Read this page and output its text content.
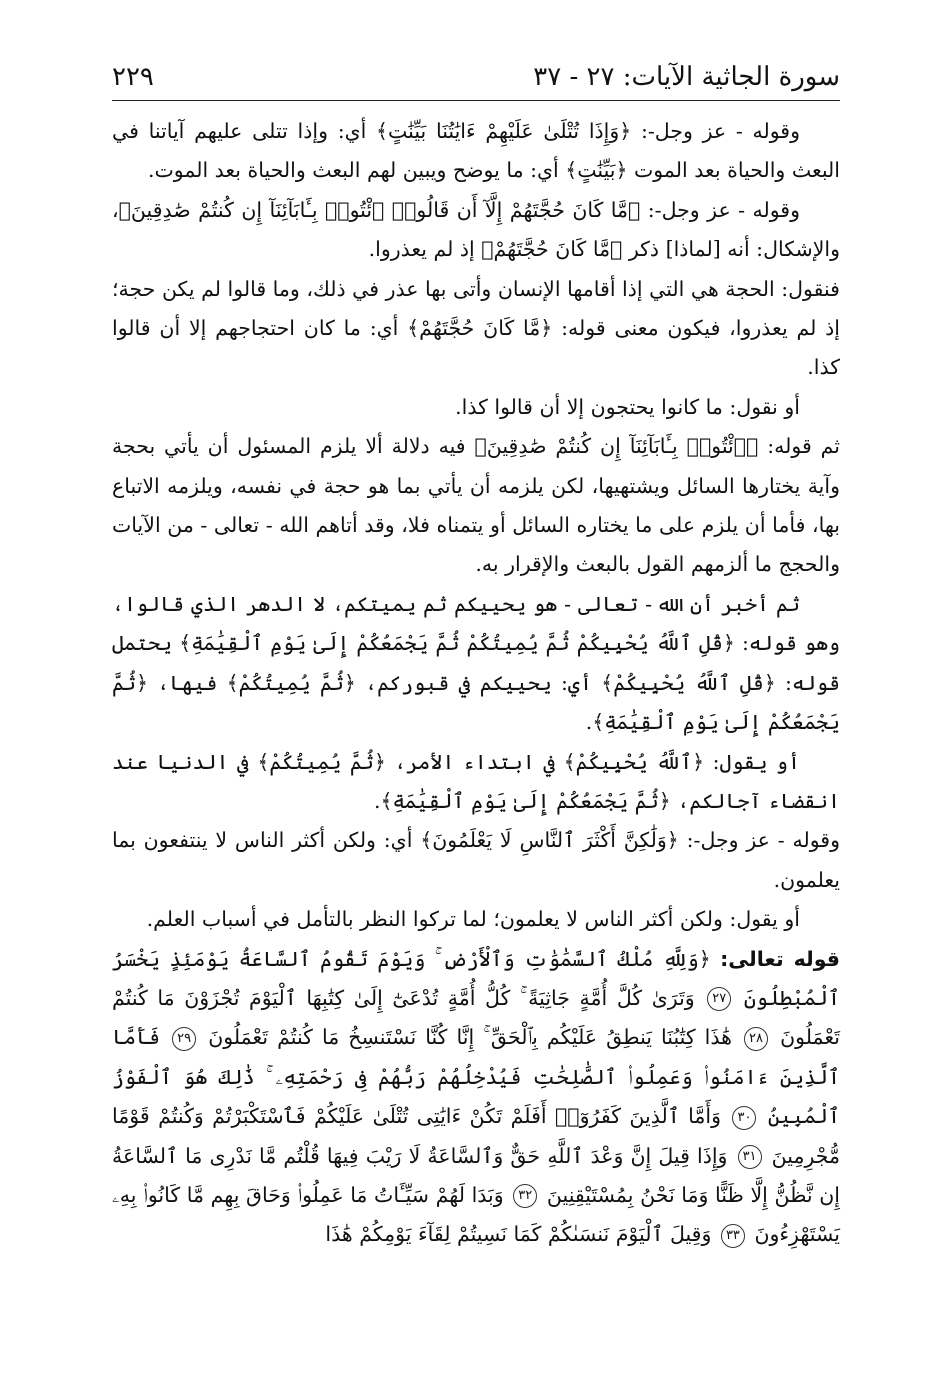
سورة الجاثية الآيات: ٢٧ - ٣٧
٢٢٩

وقوله - عز وجل-: ﴿وَإِذَا تُتْلَىٰ عَلَيْهِمْ ءَايَٰتُنَا بَيِّنَٰتٍ﴾ أي: وإذا تتلى عليهم آياتنا في البعث والحياة بعد الموت ﴿بَيِّنَٰتٍ﴾ أي: ما يوضح ويبين لهم البعث والحياة بعد الموت.

وقوله - عز وجل-: ﴿مَّا كَانَ حُجَّتَهُمْ إِلَّآ أَن قَالُوا۟ ٱئْتُوا۟ بِـَٔابَآئِنَآ إِن كُنتُمْ صَٰدِقِينَ﴾، والإشكال: أنه [لماذا] ذكر ﴿مَّا كَانَ حُجَّتَهُمْ﴾ إذ لم يعذروا.

فنقول: الحجة هي التي إذا أقامها الإنسان وأتى بها عذر في ذلك، وما قالوا لم يكن حجة؛ إذ لم يعذروا، فيكون معنى قوله: ﴿مَّا كَانَ حُجَّتَهُمْ﴾ أي: ما كان احتجاجهم إلا أن قالوا كذا.

أو نقول: ما كانوا يحتجون إلا أن قالوا كذا.

ثم قوله: ﴿ٱئْتُوا۟ بِـَٔابَآئِنَآ إِن كُنتُمْ صَٰدِقِينَ﴾ فيه دلالة ألا يلزم المسئول أن يأتي بحجة وآية يختارها السائل ويشتهيها، لكن يلزمه أن يأتي بما هو حجة في نفسه، ويلزمه الاتباع بها، فأما أن يلزم على ما يختاره السائل أو يتمناه فلا، وقد أتاهم الله - تعالى - من الآيات والحجج ما ألزمهم القول بالبعث والإقرار به.

ثم أخبر أن الله - تعالى - هو يحييكم ثم يميتكم، لا الدهر الذي قالوا، وهو قوله: ﴿قُلِ ٱللَّهُ يُحْيِيكُمْ ثُمَّ يُمِيتُكُمْ ثُمَّ يَجْمَعُكُمْ إِلَىٰ يَوْمِ ٱلْقِيَٰمَةِ﴾ يحتمل قوله: ﴿قُلِ ٱللَّهُ يُحْيِيكُمْ﴾ أي: يحييكم في قبوركم، ﴿ثُمَّ يُمِيتُكُمْ﴾ فيها، ﴿ثُمَّ يَجْمَعُكُمْ إِلَىٰ يَوْمِ ٱلْقِيَٰمَةِ﴾.

أو يقول: ﴿ٱللَّهُ يُحْيِيكُمْ﴾ في ابتداء الأمر، ﴿ثُمَّ يُمِيتُكُمْ﴾ في الدنيا عند انقضاء آجالكم، ﴿ثُمَّ يَجْمَعُكُمْ إِلَىٰ يَوْمِ ٱلْقِيَٰمَةِ﴾.

وقوله - عز وجل-: ﴿وَلَٰكِنَّ أَكْثَرَ ٱلنَّاسِ لَا يَعْلَمُونَ﴾ أي: ولكن أكثر الناس لا ينتفعون بما يعلمون.

أو يقول: ولكن أكثر الناس لا يعلمون؛ لما تركوا النظر بالتأمل في أسباب العلم.

قوله تعالى: ﴿وَلِلَّهِ مُلْكُ ٱلسَّمَٰوَٰتِ وَٱلْأَرْضِ ۚ وَيَوْمَ تَقُومُ ٱلسَّاعَةُ يَوْمَئِذٍ يَخْسَرُ ٱلْمُبْطِلُونَ ٢٧ وَتَرَىٰ كُلَّ أُمَّةٍ جَاثِيَةً ۚ كُلُّ أُمَّةٍ تُدْعَىٰٓ إِلَىٰ كِتَٰبِهَا ٱلْيَوْمَ تُجْزَوْنَ مَا كُنتُمْ تَعْمَلُونَ ٢٨ هَٰذَا كِتَٰبُنَا يَنطِقُ عَلَيْكُم بِٱلْحَقِّ ۚ إِنَّا كُنَّا نَسْتَنسِخُ مَا كُنتُمْ تَعْمَلُونَ ٢٩ فَأَمَّا ٱلَّذِينَ ءَامَنُوا۟ وَعَمِلُوا۟ ٱلصَّٰلِحَٰتِ فَيُدْخِلُهُمْ رَبُّهُمْ فِى رَحْمَتِهِۦ ۚ ذَٰلِكَ هُوَ ٱلْفَوْزُ ٱلْمُبِينُ ٣٠ وَأَمَّا ٱلَّذِينَ كَفَرُوٓا۟ أَفَلَمْ تَكُنْ ءَايَٰتِى تُتْلَىٰ عَلَيْكُمْ فَٱسْتَكْبَرْتُمْ وَكُنتُمْ قَوْمًا مُّجْرِمِينَ ٣١ وَإِذَا قِيلَ إِنَّ وَعْدَ ٱللَّهِ حَقٌّ وَٱلسَّاعَةُ لَا رَيْبَ فِيهَا قُلْتُم مَّا نَدْرِى مَا ٱلسَّاعَةُ إِن نَّظُنُّ إِلَّا ظَنًّا وَمَا نَحْنُ بِمُسْتَيْقِنِينَ ٣٢ وَبَدَا لَهُمْ سَيِّـَٔاتُ مَا عَمِلُوا۟ وَحَاقَ بِهِم مَّا كَانُوا۟ بِهِۦ يَسْتَهْزِءُونَ ٣٣ وَقِيلَ ٱلْيَوْمَ نَنسَىٰكُمْ كَمَا نَسِيتُمْ لِقَآءَ يَوْمِكُمْ هَٰذَا
